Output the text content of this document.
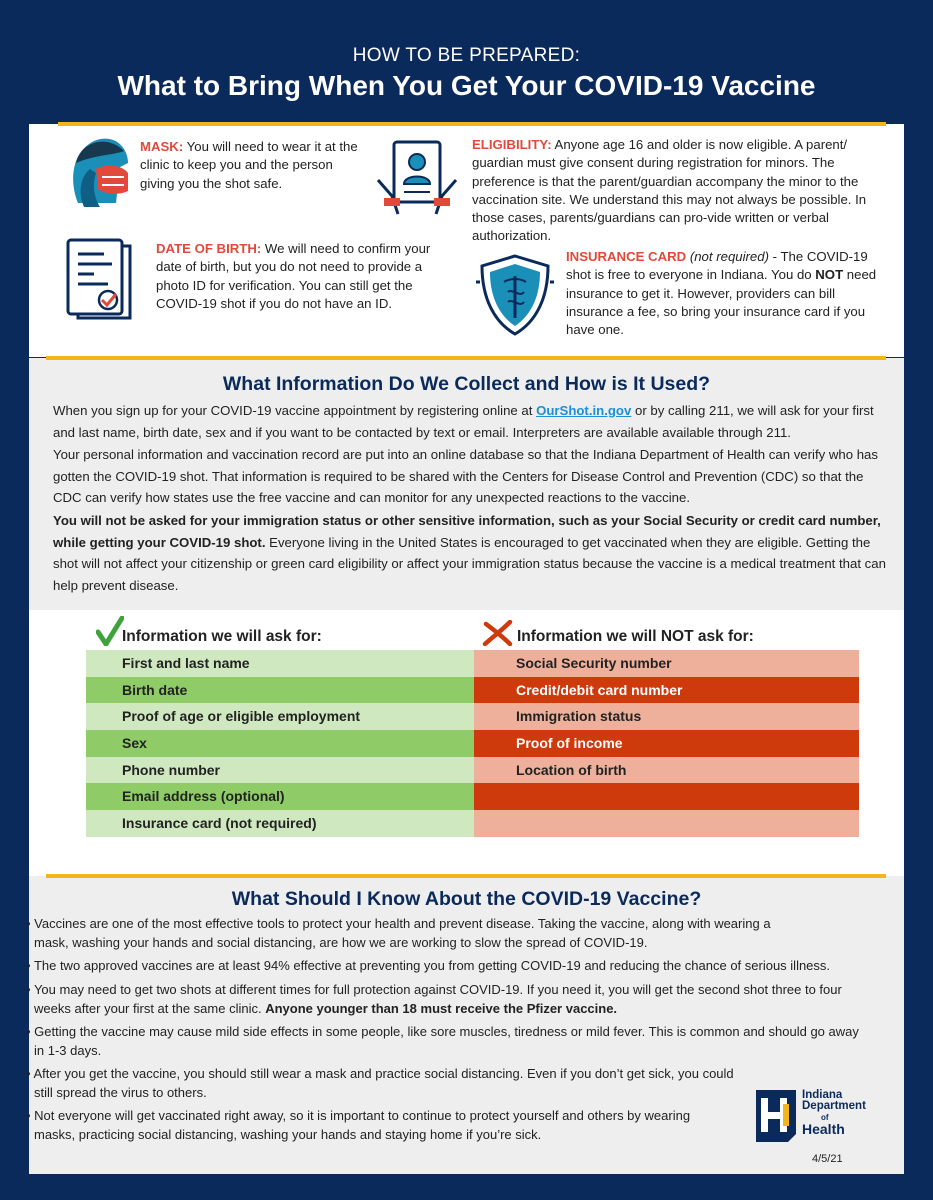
HOW TO BE PREPARED:
What to Bring When You Get Your COVID-19 Vaccine
MASK: You will need to wear it at the clinic to keep you and the person giving you the shot safe.
DATE OF BIRTH: We will need to confirm your date of birth, but you do not need to provide a photo ID for verification. You can still get the COVID-19 shot if you do not have an ID.
ELIGIBILITY: Anyone age 16 and older is now eligible. A parent/ guardian must give consent during registration for minors. The preference is that the parent/guardian accompany the minor to the vaccination site. We understand this may not always be possible. In those cases, parents/guardians can pro-vide written or verbal authorization.
INSURANCE CARD (not required) - The COVID-19 shot is free to everyone in Indiana. You do NOT need insurance to get it. However, providers can bill insurance a fee, so bring your insurance card if you have one.
What Information Do We Collect and How is It Used?
When you sign up for your COVID-19 vaccine appointment by registering online at OurShot.in.gov or by calling 211, we will ask for your first and last name, birth date, sex and if you want to be contacted by text or email. Interpreters are available available through 211.
Your personal information and vaccination record are put into an online database so that the Indiana Department of Health can verify who has gotten the COVID-19 shot. That information is required to be shared with the Centers for Disease Control and Prevention (CDC) so that the CDC can verify how states use the free vaccine and can monitor for any unexpected reactions to the vaccine.
You will not be asked for your immigration status or other sensitive information, such as your Social Security or credit card number, while getting your COVID-19 shot. Everyone living in the United States is encouraged to get vaccinated when they are eligible. Getting the shot will not affect your citizenship or green card eligibility or affect your immigration status because the vaccine is a medical treatment that can help prevent disease.
Information we will ask for:	Information we will NOT ask for:
First and last name
Birth date
Proof of age or eligible employment
Sex
Phone number
Email address (optional)
Insurance card (not required)
Social Security number
Credit/debit card number
Immigration status
Proof of income
Location of birth
What Should I Know About the COVID-19 Vaccine?
• Vaccines are one of the most effective tools to protect your health and prevent disease. Taking the vaccine, along with wearing a mask, washing your hands and social distancing, are how we are working to slow the spread of COVID-19.
• The two approved vaccines are at least 94% effective at preventing you from getting COVID-19 and reducing the chance of serious illness.
• You may need to get two shots at different times for full protection against COVID-19. If you need it, you will get the second shot three to four weeks after your first at the same clinic. Anyone younger than 18 must receive the Pfizer vaccine.
• Getting the vaccine may cause mild side effects in some people, like sore muscles, tiredness or mild fever. This is common and should go away in 1-3 days.
• After you get the vaccine, you should still wear a mask and practice social distancing. Even if you don’t get sick, you could still spread the virus to others.
• Not everyone will get vaccinated right away, so it is important to continue to protect yourself and others by wearing masks, practicing social distancing, washing your hands and staying home if you’re sick.
Indiana
Department
of
Health
4/5/21
